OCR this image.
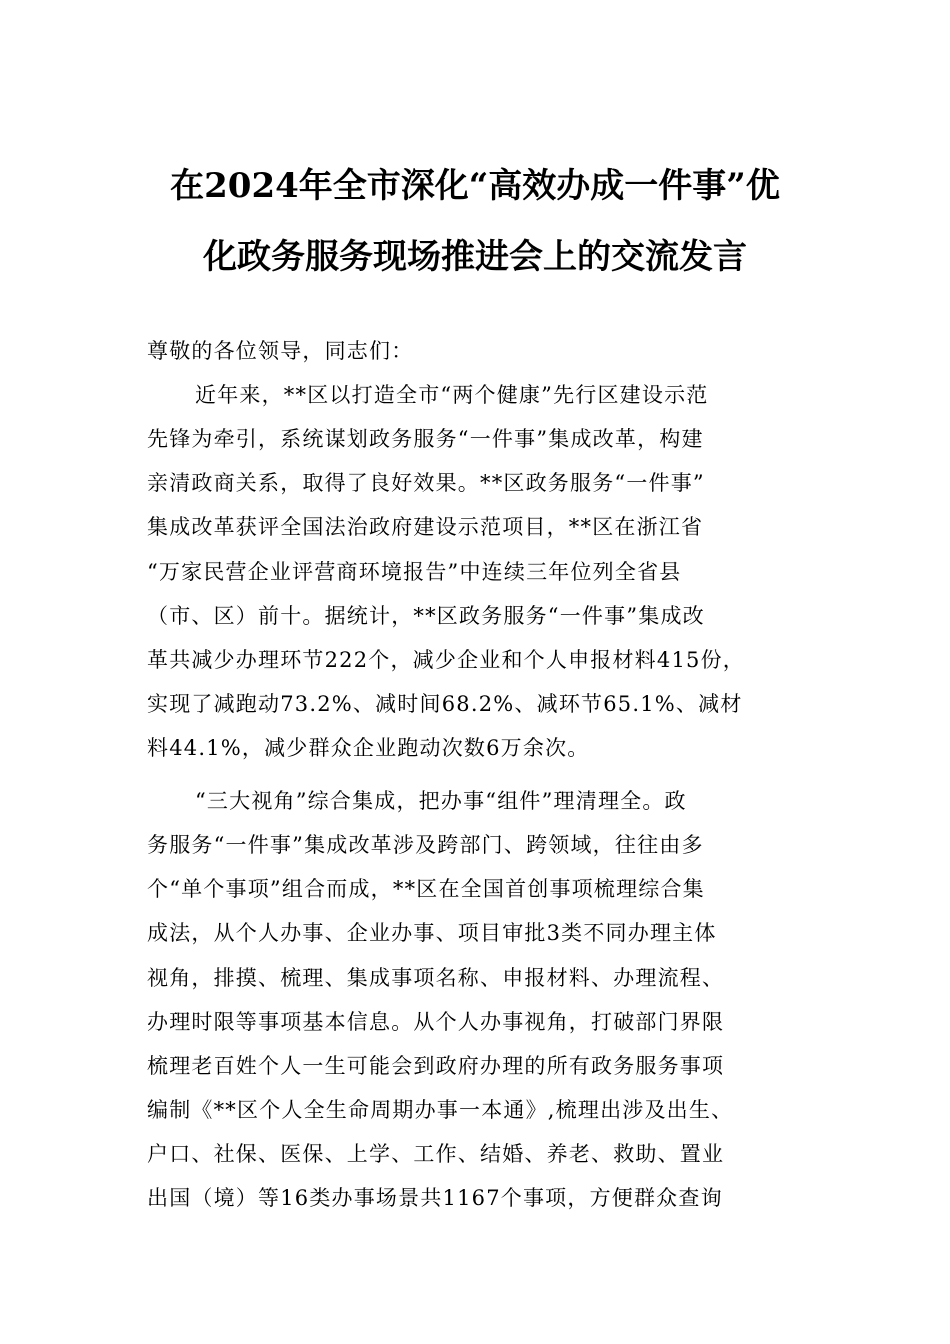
在2024年全市深化“高效办成一件事”优
化政务服务现场推进会上的交流发言
尊敬的各位领导，同志们：
近年来，**区以打造全市“两个健康”先行区建设示范
先锋为牵引，系统谋划政务服务“一件事”集成改革，构建
亲清政商关系，取得了良好效果。**区政务服务“一件事”
集成改革获评全国法治政府建设示范项目，**区在浙江省
“万家民营企业评营商环境报告”中连续三年位列全省县
（市、区）前十。据统计，**区政务服务“一件事”集成改
革共减少办理环节222个，减少企业和个人申报材料415份，
实现了减跑动73.2%、减时间68.2%、减环节65.1%、减材
料44.1%，减少群众企业跑动次数6万余次。
“三大视角”综合集成，把办事“组件”理清理全。政
务服务“一件事”集成改革涉及跨部门、跨领域，往往由多
个“单个事项”组合而成，**区在全国首创事项梳理综合集
成法，从个人办事、企业办事、项目审批3类不同办理主体
视角，排摸、梳理、集成事项名称、申报材料、办理流程、
办理时限等事项基本信息。从个人办事视角，打破部门界限
梳理老百姓个人一生可能会到政府办理的所有政务服务事项
编制《**区个人全生命周期办事一本通》,梳理出涉及出生、
户口、社保、医保、上学、工作、结婚、养老、救助、置业
出国（境）等16类办事场景共1167个事项，方便群众查询
